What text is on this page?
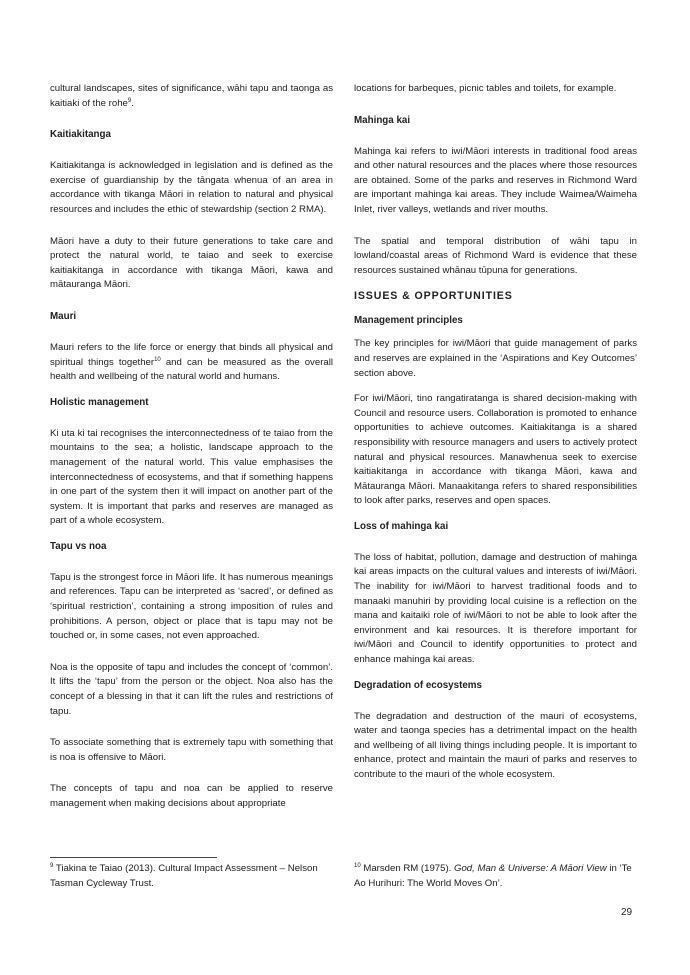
cultural landscapes, sites of significance, wāhi tapu and taonga as kaitiaki of the rohe$^9$.

Kaitiakitanga

Kaitiakitanga is acknowledged in legislation and is defined as the exercise of guardianship by the tāngata whenua of an area in accordance with tikanga Māori in relation to natural and physical resources and includes the ethic of stewardship (section 2 RMA).

Māori have a duty to their future generations to take care and protect the natural world, te taiao and seek to exercise kaitiakitanga in accordance with tikanga Māori, kawa and mātauranga Māori.

Mauri

Mauri refers to the life force or energy that binds all physical and spiritual things together$^{10}$ and can be measured as the overall health and wellbeing of the natural world and humans.

Holistic management

Ki uta ki tai recognises the interconnectedness of te taiao from the mountains to the sea; a holistic, landscape approach to the management of the natural world. This value emphasises the interconnectedness of ecosystems, and that if something happens in one part of the system then it will impact on another part of the system. It is important that parks and reserves are managed as part of a whole ecosystem.

Tapu vs noa

Tapu is the strongest force in Māori life. It has numerous meanings and references. Tapu can be interpreted as ‘sacred’, or defined as ‘spiritual restriction’, containing a strong imposition of rules and prohibitions. A person, object or place that is tapu may not be touched or, in some cases, not even approached.

Noa is the opposite of tapu and includes the concept of ‘common’. It lifts the ‘tapu’ from the person or the object. Noa also has the concept of a blessing in that it can lift the rules and restrictions of tapu.

To associate something that is extremely tapu with something that is noa is offensive to Māori.

The concepts of tapu and noa can be applied to reserve management when making decisions about appropriate

locations for barbeques, picnic tables and toilets, for example.

Mahinga kai

Mahinga kai refers to iwi/Māori interests in traditional food areas and other natural resources and the places where those resources are obtained. Some of the parks and reserves in Richmond Ward are important mahinga kai areas. They include Waimea/Waimeha Inlet, river valleys, wetlands and river mouths.

The spatial and temporal distribution of wāhi tapu in lowland/coastal areas of Richmond Ward is evidence that these resources sustained whānau tūpuna for generations.

ISSUES & OPPORTUNITIES
Management principles

The key principles for iwi/Māori that guide management of parks and reserves are explained in the ‘Aspirations and Key Outcomes’ section above.

For iwi/Māori, tino rangatiratanga is shared decision-making with Council and resource users. Collaboration is promoted to enhance opportunities to achieve outcomes. Kaitiakitanga is a shared responsibility with resource managers and users to actively protect natural and physical resources. Manawhenua seek to exercise kaitiakitanga in accordance with tikanga Māori, kawa and Mātauranga Māori. Manaakitanga refers to shared responsibilities to look after parks, reserves and open spaces.

Loss of mahinga kai

The loss of habitat, pollution, damage and destruction of mahinga kai areas impacts on the cultural values and interests of iwi/Māori. The inability for iwi/Māori to harvest traditional foods and to manaaki manuhiri by providing local cuisine is a reflection on the mana and kaitaiki role of iwi/Māori to not be able to look after the environment and kai resources. It is therefore important for iwi/Māori and Council to identify opportunities to protect and enhance mahinga kai areas.

Degradation of ecosystems

The degradation and destruction of the mauri of ecosystems, water and taonga species has a detrimental impact on the health and wellbeing of all living things including people. It is important to enhance, protect and maintain the mauri of parks and reserves to contribute to the mauri of the whole ecosystem.

$^9$ Tiakina te Taiao (2013). Cultural Impact Assessment – Nelson Tasman Cycleway Trust.
$^{10}$ Marsden RM (1975). God, Man & Universe: A Māori View in ‘Te Ao Hurihuri: The World Moves On’.
29
